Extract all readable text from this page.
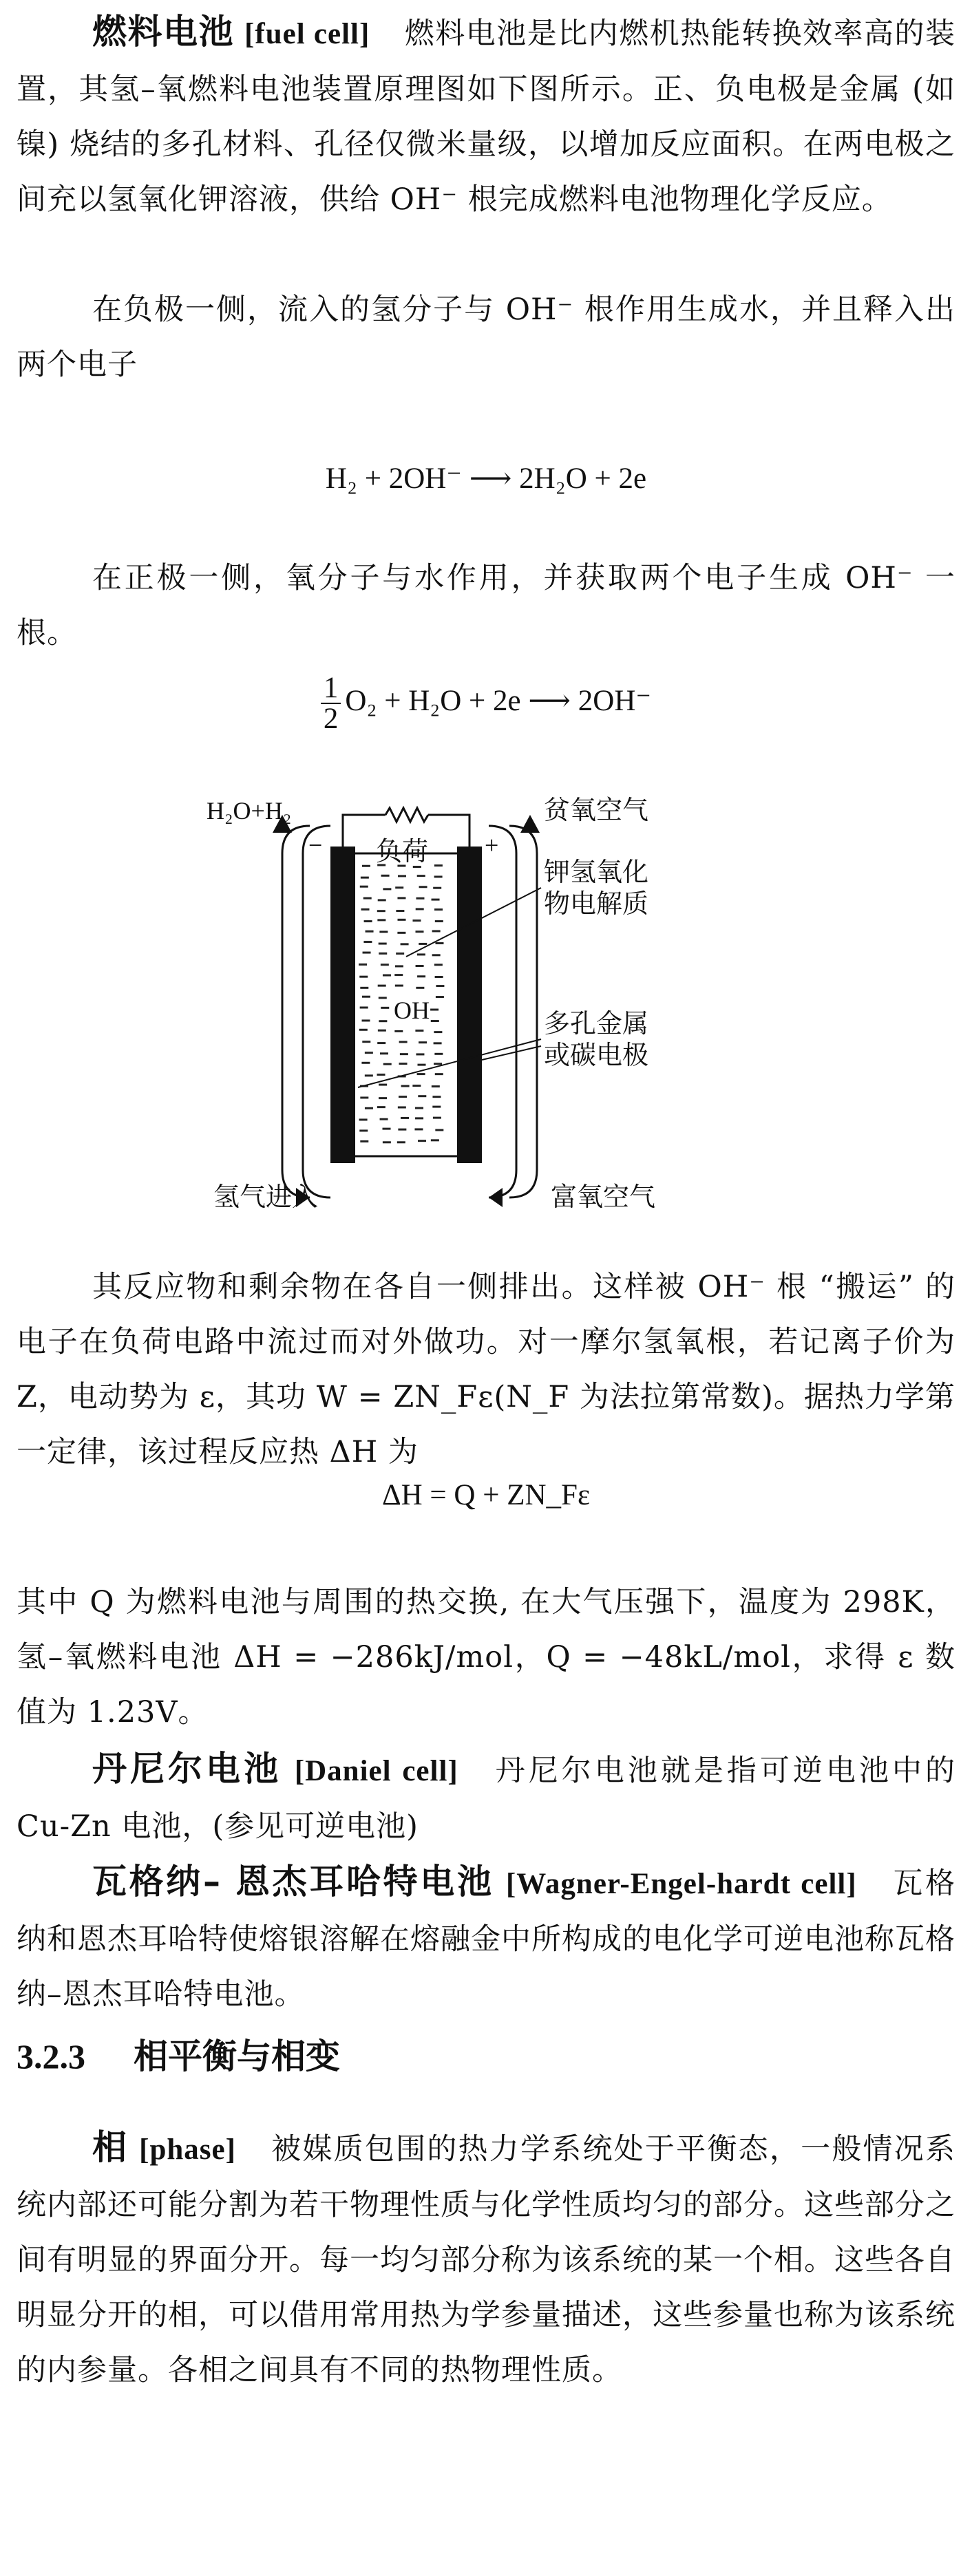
燃料电池 [fuel cell] 燃料电池是比内燃机热能转换效率高的装置，其氢–氧燃料电池装置原理图如下图所示。正、负电极是金属 (如镍) 烧结的多孔材料、孔径仅微米量级，以增加反应面积。在两电极之间充以氢氧化钾溶液，供给 OH⁻ 根完成燃料电池物理化学反应。
在负极一侧，流入的氢分子与 OH⁻ 根作用生成水，并且释入出两个电子
H₂ + 2OH⁻ ⟶ 2H₂O + 2e
在正极一侧，氧分子与水作用，并获取两个电子生成 OH⁻ 一根。
$\frac{1}{2} O_2 + H_2O + 2e$ ⟶ 2OH⁻
H₂O+H₂	贫氧空气
−	+
负荷
钾氢氧化
物电解质
OH	多孔金属
或碳电极
氢气进入	富氧空气
其反应物和剩余物在各自一侧排出。这样被 OH⁻ 根 “搬运” 的电子在负荷电路中流过而对外做功。对一摩尔氢氧根，若记离子价为 Z，电动势为 ε，其功 W = ZN_Fε(N_F 为法拉第常数)。据热力学第一定律，该过程反应热 ΔH 为
ΔH = Q + ZN_Fε
其中 Q 为燃料电池与周围的热交换, 在大气压强下，温度为 298K，氢–氧燃料电池 ΔH = −286kJ/mol，Q = −48kL/mol，求得 ε 数值为 1.23V。
丹尼尔电池 [Daniel cell] 丹尼尔电池就是指可逆电池中的 Cu-Zn 电池，(参见可逆电池)
瓦格纳– 恩杰耳哈特电池 [Wagner-Engel-hardt cell] 瓦格纳和恩杰耳哈特使熔银溶解在熔融金中所构成的电化学可逆电池称瓦格纳–恩杰耳哈特电池。
3.2.3 相平衡与相变
相 [phase] 被媒质包围的热力学系统处于平衡态，一般情况系统内部还可能分割为若干物理性质与化学性质均匀的部分。这些部分之间有明显的界面分开。每一均匀部分称为该系统的某一个相。这些各自明显分开的相，可以借用常用热为学参量描述，这些参量也称为该系统的内参量。各相之间具有不同的热物理性质。
